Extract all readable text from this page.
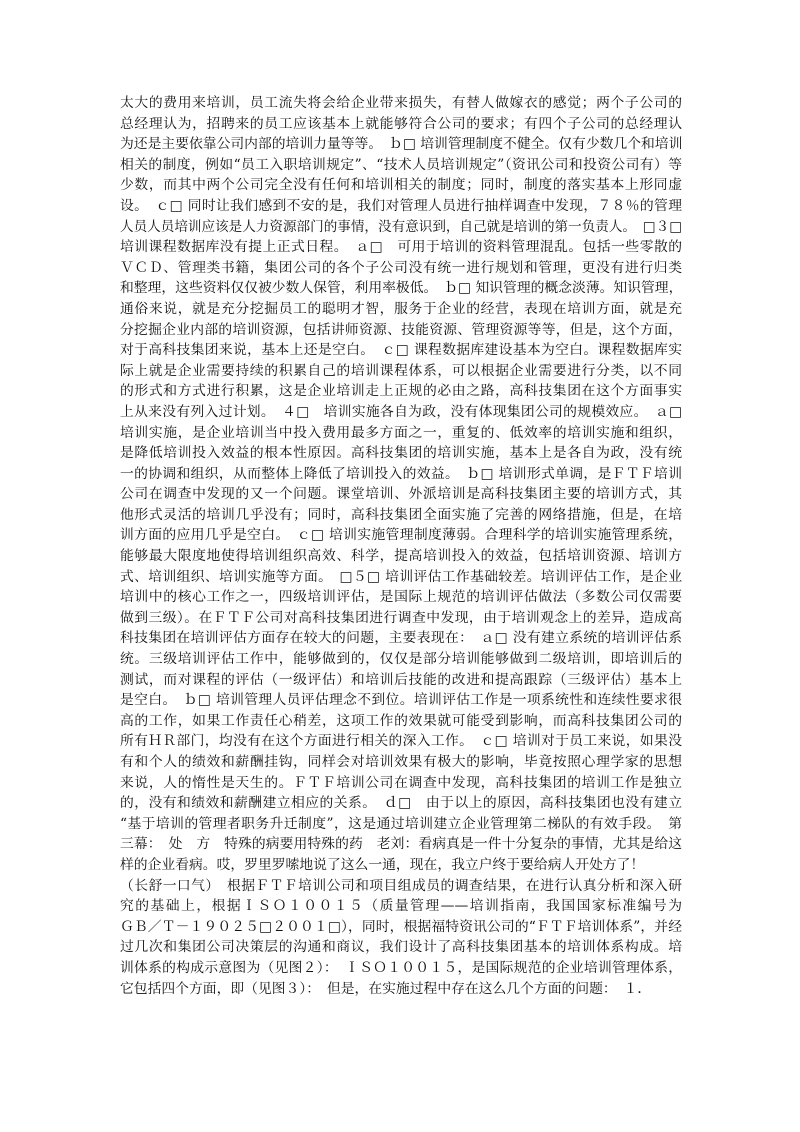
太大的费用来培训，员工流失将会给企业带来损失，有替人做嫁衣的感觉；两个子公司的
总经理认为，招聘来的员工应该基本上就能够符合公司的要求；有四个子公司的总经理认
为还是主要依靠公司内部的培训力量等等。　ｂ□ 培训管理制度不健全。仅有少数几个和培训
相关的制度，例如“员工入职培训规定”、“技术人员培训规定”（资讯公司和投资公司有）等
少数，而其中两个公司完全没有任何和培训相关的制度；同时，制度的落实基本上形同虚
设。　ｃ□ 同时让我们感到不安的是，我们对管理人员进行抽样调查中发现，７８％的管理
人员人员培训应该是人力资源部门的事情，没有意识到，自己就是培训的第一负责人。　□３□
培训课程数据库没有提上正式日程。　ａ□　可用于培训的资料管理混乱。包括一些零散的
ＶＣＤ、管理类书籍，集团公司的各个子公司没有统一进行规划和管理，更没有进行归类
和整理，这些资料仅仅被少数人保管，利用率极低。　ｂ□ 知识管理的概念淡薄。知识管理，
通俗来说，就是充分挖掘员工的聪明才智，服务于企业的经营，表现在培训方面，就是充
分挖掘企业内部的培训资源，包括讲师资源、技能资源、管理资源等等，但是，这个方面，
对于高科技集团来说，基本上还是空白。　ｃ□ 课程数据库建设基本为空白。课程数据库实
际上就是企业需要持续的积累自己的培训课程体系，可以根据企业需要进行分类，以不同
的形式和方式进行积累，这是企业培训走上正规的必由之路，高科技集团在这个方面事实
上从来没有列入过计划。　４□　培训实施各自为政，没有体现集团公司的规模效应。　ａ□
培训实施，是企业培训当中投入费用最多方面之一，重复的、低效率的培训实施和组织，
是降低培训投入效益的根本性原因。高科技集团的培训实施，基本上是各自为政，没有统
一的协调和组织，从而整体上降低了培训投入的效益。　ｂ□ 培训形式单调，是ＦＴＦ培训
公司在调查中发现的又一个问题。课堂培训、外派培训是高科技集团主要的培训方式，其
他形式灵活的培训几乎没有；同时，高科技集团全面实施了完善的网络措施，但是，在培
训方面的应用几乎是空白。　ｃ□ 培训实施管理制度薄弱。合理科学的培训实施管理系统，
能够最大限度地使得培训组织高效、科学，提高培训投入的效益，包括培训资源、培训方
式、培训组织、培训实施等方面。　□５□ 培训评估工作基础较差。培训评估工作，是企业
培训中的核心工作之一，四级培训评估，是国际上规范的培训评估做法（多数公司仅需要
做到三级）。在ＦＴＦ公司对高科技集团进行调查中发现，由于培训观念上的差异，造成高
科技集团在培训评估方面存在较大的问题，主要表现在：　ａ□ 没有建立系统的培训评估系
统。三级培训评估工作中，能够做到的，仅仅是部分培训能够做到二级培训，即培训后的
测试，而对课程的评估（一级评估）和培训后技能的改进和提高跟踪（三级评估）基本上
是空白。　ｂ□ 培训管理人员评估理念不到位。培训评估工作是一项系统性和连续性要求很
高的工作，如果工作责任心稍差，这项工作的效果就可能受到影响，而高科技集团公司的
所有ＨＲ部门，均没有在这个方面进行相关的深入工作。　ｃ□ 培训对于员工来说，如果没
有和个人的绩效和薪酬挂钩，同样会对培训效果有极大的影响，毕竟按照心理学家的思想
来说，人的惰性是天生的。ＦＴＦ培训公司在调查中发现，高科技集团的培训工作是独立
的，没有和绩效和薪酬建立相应的关系。　ｄ□　由于以上的原因，高科技集团也没有建立
“基于培训的管理者职务升迁制度”，这是通过培训建立企业管理第二梯队的有效手段。　第
三幕：　处　方　特殊的病要用特殊的药　老刘：看病真是一件十分复杂的事情，尤其是给这
样的企业看病。哎，罗里罗嗦地说了这么一通，现在，我立户终于要给病人开处方了！
（长舒一口气）　根据ＦＴＦ培训公司和项目组成员的调查结果，在进行认真分析和深入研
究的基础上，根据ＩＳＯ１００１５（质量管理——培训指南，我国国家标准编号为
ＧＢ／Ｔ－１９０２５□２００１□），同时，根据福特资讯公司的“ＦＴＦ培训体系”，并经
过几次和集团公司决策层的沟通和商议，我们设计了高科技集团基本的培训体系构成。培
训体系的构成示意图为（见图２）：　ＩＳＯ１００１５，是国际规范的企业培训管理体系，
它包括四个方面，即（见图３）：　但是，在实施过程中存在这么几个方面的问题：　１．
